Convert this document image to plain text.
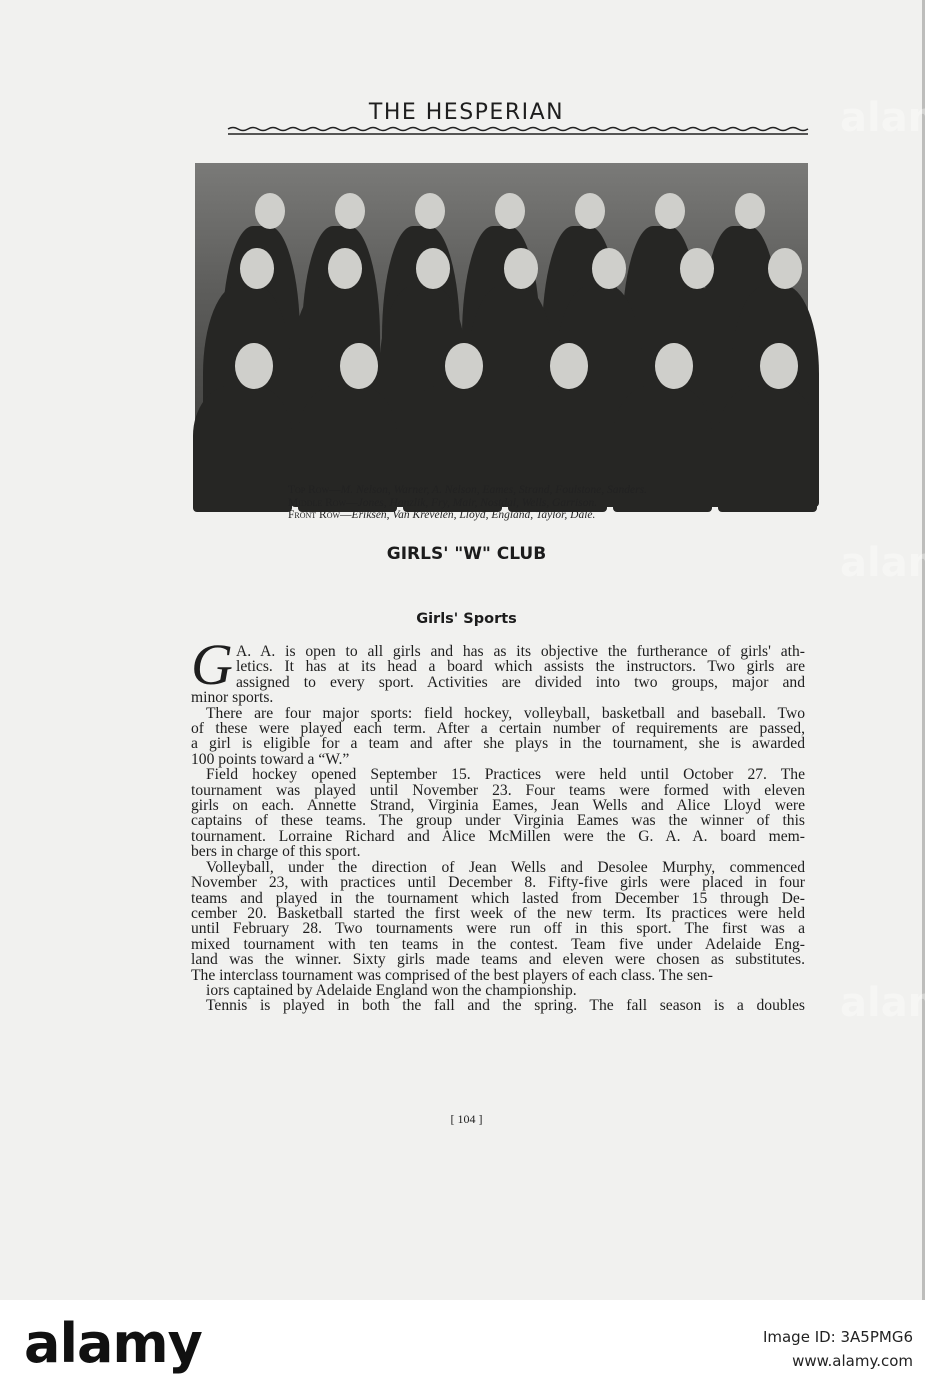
THE HESPERIAN
Top Row—M. Nelson, Warner, A. Nelson, Eames, Strand, Foulstone, Sanders.
Middle Row—Jones, Hanzlik, Fry, Mair, Nostdal, Wells, Garrison.
Front Row—Eriksen, Van Krevelen, Lloyd, England, Taylor, Dale.
GIRLS' "W" CLUB
Girls' Sports
G A. A. is open to all girls and has as its objective the furtherance of girls' ath-
letics. It has at its head a board which assists the instructors. Two girls are
assigned to every sport. Activities are divided into two groups, major and
minor sports.
There are four major sports: field hockey, volleyball, basketball and baseball. Two
of these were played each term. After a certain number of requirements are passed,
a girl is eligible for a team and after she plays in the tournament, she is awarded
100 points toward a “W.”
Field hockey opened September 15. Practices were held until October 27. The
tournament was played until November 23. Four teams were formed with eleven
girls on each. Annette Strand, Virginia Eames, Jean Wells and Alice Lloyd were
captains of these teams. The group under Virginia Eames was the winner of this
tournament. Lorraine Richard and Alice McMillen were the G. A. A. board mem-
bers in charge of this sport.
Volleyball, under the direction of Jean Wells and Desolee Murphy, commenced
November 23, with practices until December 8. Fifty-five girls were placed in four
teams and played in the tournament which lasted from December 15 through De-
cember 20. Basketball started the first week of the new term. Its practices were held
until February 28. Two tournaments were run off in this sport. The first was a
mixed tournament with ten teams in the contest. Team five under Adelaide Eng-
land was the winner. Sixty girls made teams and eleven were chosen as substitutes.
The interclass tournament was comprised of the best players of each class. The sen-
iors captained by Adelaide England won the championship.
Tennis is played in both the fall and the spring. The fall season is a doubles
[ 104 ]
alam
alam
alam
alamy	Image ID: 3A5PMG6
www.alamy.com
